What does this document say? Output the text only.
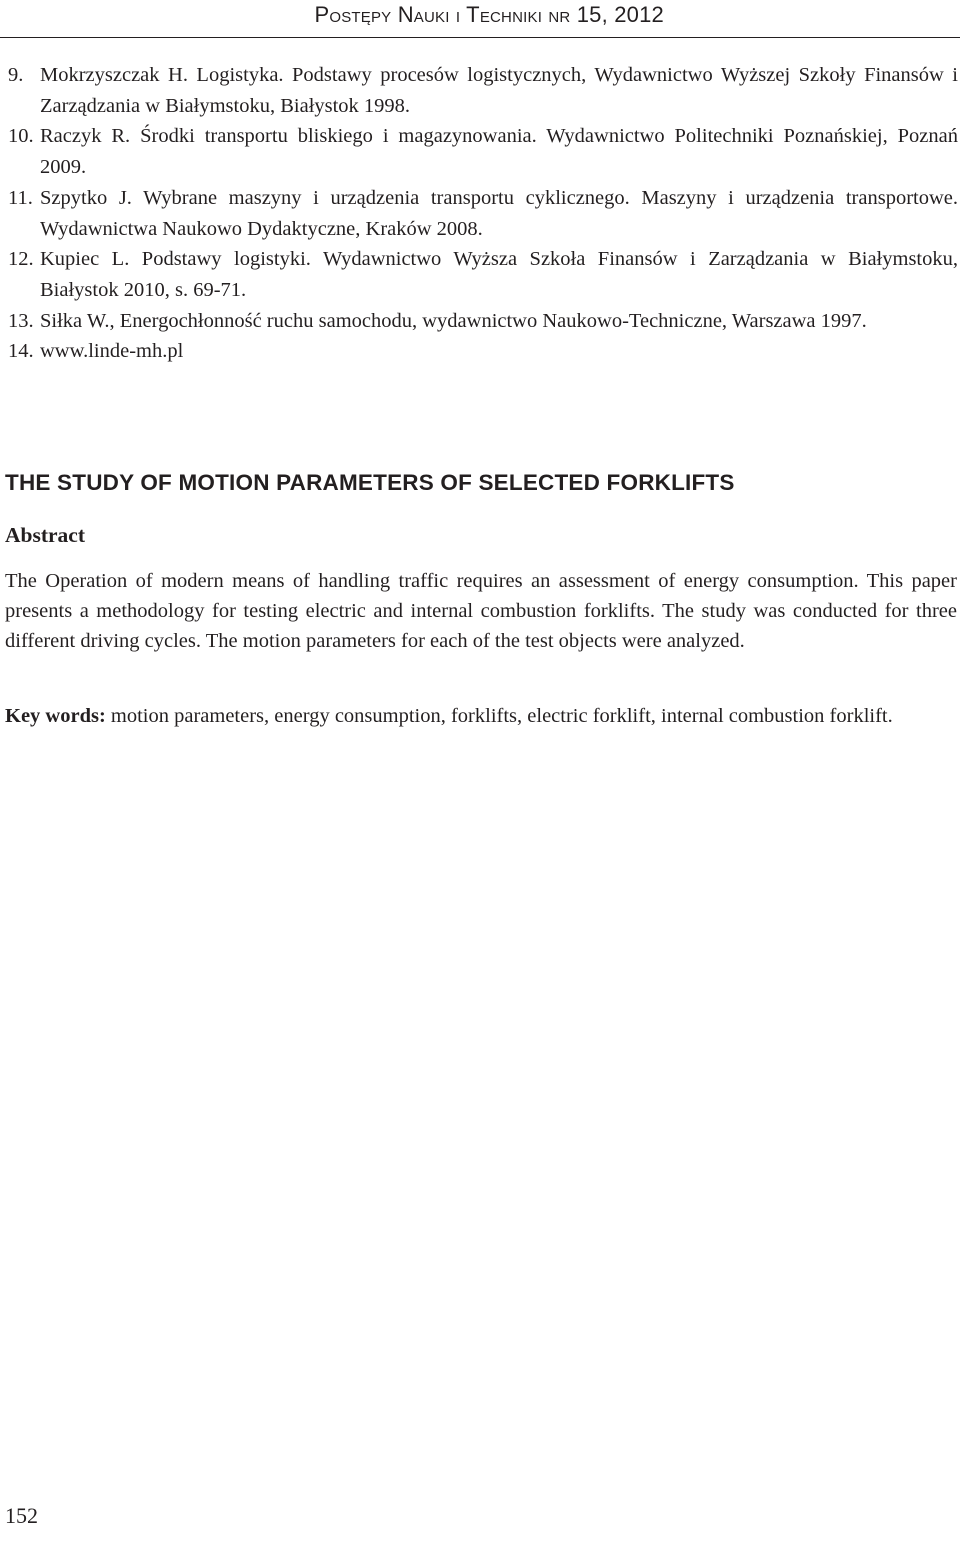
Postępy Nauki i Techniki nr 15, 2012
9. Mokrzyszczak H. Logistyka. Podstawy procesów logistycznych, Wydawnictwo Wyższej Szkoły Finansów i Zarządzania w Białymstoku, Białystok 1998.
10. Raczyk R. Środki transportu bliskiego i magazynowania. Wydawnictwo Politechniki Poznańskiej, Poznań 2009.
11. Szpytko J. Wybrane maszyny i urządzenia transportu cyklicznego. Maszyny i urządzenia transportowe. Wydawnictwa Naukowo Dydaktyczne, Kraków 2008.
12. Kupiec L. Podstawy logistyki. Wydawnictwo Wyższa Szkoła Finansów i Zarządzania w Białymstoku, Białystok 2010, s. 69-71.
13. Siłka W., Energochłonność ruchu samochodu, wydawnictwo Naukowo-Techniczne, Warszawa 1997.
14. www.linde-mh.pl
THE STUDY OF MOTION PARAMETERS OF SELECTED FORKLIFTS
Abstract

The Operation of modern means of handling traffic requires an assessment of energy consumption. This paper presents a methodology for testing electric and internal combustion forklifts. The study was conducted for three different driving cycles. The motion parameters for each of the test objects were analyzed.

Key words: motion parameters, energy consumption, forklifts, electric forklift, internal combustion forklift.

152
